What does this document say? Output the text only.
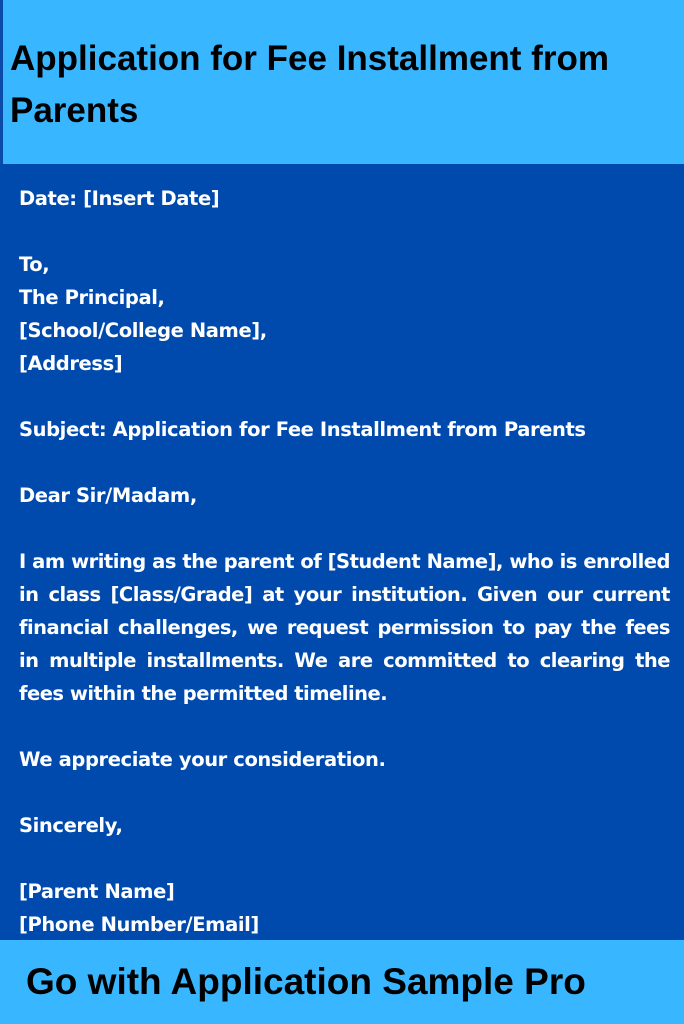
Application for Fee Installment from Parents
Date: [Insert Date]
To,
The Principal,
[School/College Name],
[Address]
Subject: Application for Fee Installment from Parents
Dear Sir/Madam,
I am writing as the parent of [Student Name], who is enrolled in class [Class/Grade] at your institution. Given our current financial challenges, we request permission to pay the fees in multiple installments. We are committed to clearing the fees within the permitted timeline.
We appreciate your consideration.
Sincerely,
[Parent Name]
[Phone Number/Email]

Go with Application Sample Pro
